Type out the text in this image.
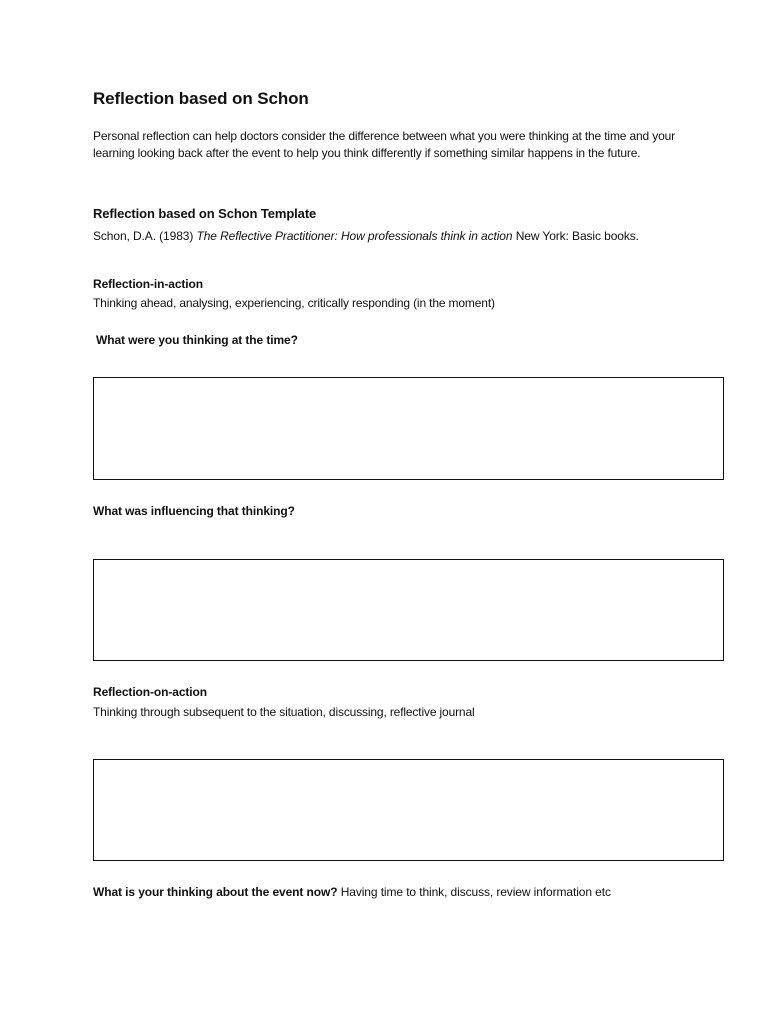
Reflection based on Schon

Personal reflection can help doctors consider the difference between what you were thinking at the time and your learning looking back after the event to help you think differently if something similar happens in the future.

Reflection based on Schon Template

Schon, D.A. (1983) The Reflective Practitioner: How professionals think in action New York: Basic books.

Reflection-in-action
Thinking ahead, analysing, experiencing, critically responding (in the moment)
What were you thinking at the time?
What was influencing that thinking?
Reflection-on-action
Thinking through subsequent to the situation, discussing, reflective journal
What is your thinking about the event now? Having time to think, discuss, review information etc
